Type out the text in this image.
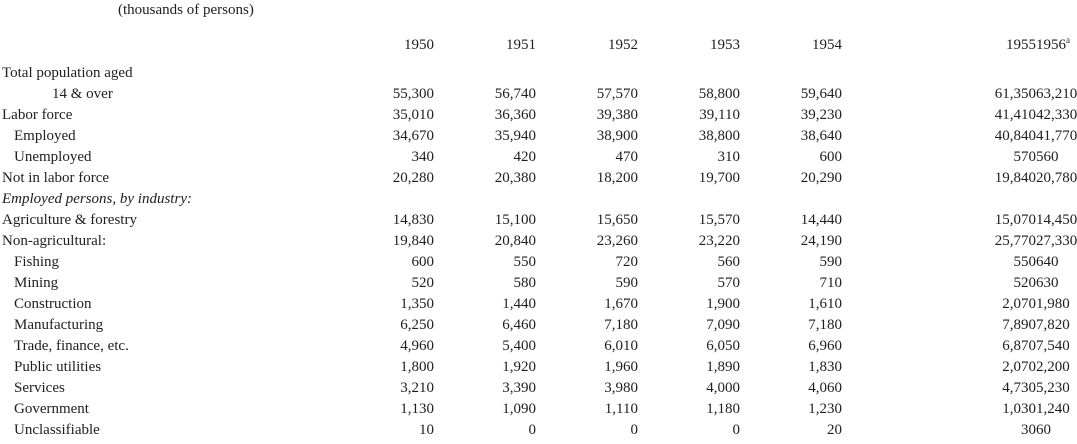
(thousands of persons)
	1950	1951	1952	1953	1954	1955	1956$^a$

Total population aged							
14 & over	55,300	56,740	57,570	58,800	59,640	61,350	63,210
Labor force	35,010	36,360	39,380	39,110	39,230	41,410	42,330
Employed	34,670	35,940	38,900	38,800	38,640	40,840	41,770
Unemployed	340	420	470	310	600	570	560
Not in labor force	20,280	20,380	18,200	19,700	20,290	19,840	20,780
Employed persons, by industry:							
Agriculture & forestry	14,830	15,100	15,650	15,570	14,440	15,070	14,450
Non-agricultural:	19,840	20,840	23,260	23,220	24,190	25,770	27,330
Fishing	600	550	720	560	590	550	640
Mining	520	580	590	570	710	520	630
Construction	1,350	1,440	1,670	1,900	1,610	2,070	1,980
Manufacturing	6,250	6,460	7,180	7,090	7,180	7,890	7,820
Trade, finance, etc.	4,960	5,400	6,010	6,050	6,960	6,870	7,540
Public utilities	1,800	1,920	1,960	1,890	1,830	2,070	2,200
Services	3,210	3,390	3,980	4,000	4,060	4,730	5,230
Government	1,130	1,090	1,110	1,180	1,230	1,030	1,240
Unclassifiable	10	0	0	0	20	30	60
